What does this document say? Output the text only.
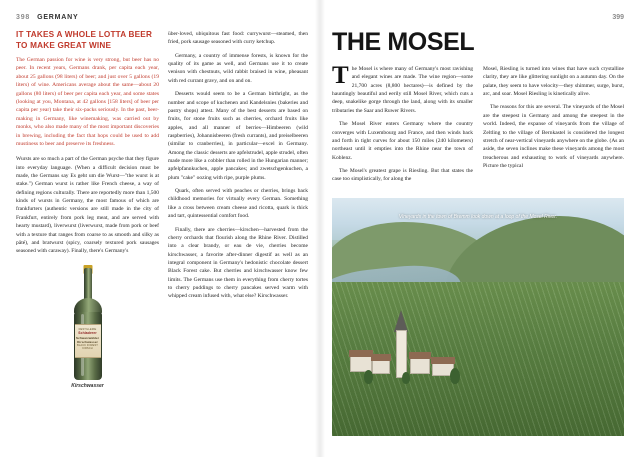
398 GERMANY
IT TAKES A WHOLE LOTTA BEER TO MAKE GREAT WINE
The German passion for wine is very strong, but beer has no peer. In recent years, Germans drank, per capita each year, about 25 gallons (98 liters) of beer; and just over 5 gallons (19 liters) of wine. Americans average about the same—about 20 gallons (80 liters) of beer per capita each year, and some states (looking at you, Montana, at 42 gallons [158 liters] of beer per capita per year) take their six-packs seriously. In the past, beer-making in Germany, like winemaking, was carried out by monks, who also made many of the most important discoveries in brewing, including the fact that hops could be used to add mustiness to beer and preserve its freshness.

Wursts are so much a part of the German psyche that they figure into everyday language. (When a difficult decision must be made, the Germans say Es geht um die Wurst—"the wurst is at stake.") German wurst is rather like French cheese, a way of defining regions culturally. There are reportedly more than 1,500 kinds of wursts in Germany, the most famous of which are frankfurters (authentic versions are still made in the city of Frankfurt, entirely from pork leg meat, and are served with hearty mustard), liverwurst (liverwurst, made from pork or beef with a texture that ranges from coarse to as smooth and silky as pâté), and bratwurst (spicy, coarsely textured pork sausages seasoned with caraway). Finally, there's Germany's

DESTILLERIE
Schladerer
Schwarzwälder
Kirschwasser
BLACK FOREST KIRSCH
Kirschwasser

über-loved, ubiquitous fast food: currywurst—steamed, then fried, pork sausage seasoned with curry ketchup.

Germany, a country of immense forests, is known for the quality of its game as well, and Germans use it to create venison with chestnuts, wild rabbit braised in wine, pheasant with red currant gravy, and on and on.

Desserts would seem to be a German birthright, as the number and scope of kuchenen and Kandelsnies (bakeries and pastry shops) attest. Many of the best desserts are based on fruits, for stone fruits such as cherries, orchard fruits like apples, and all manner of berries—Himbeeren (wild raspberries), Johannisbeeren (fresh currants), and preiselbeeren (similar to cranberries), in particular—excel in Germany. Among the classic desserts are apfelstrudel, apple strudel, often made more like a cobbler than rolled in the Hungarian manner; apfelpfannkuchen, apple pancakes; and zwetschgenkuchen, a plum "cake" oozing with ripe, purple plums.

Quark, often served with peaches or cherries, brings back childhood memories for virtually every German. Something like a cross between cream cheese and ricotta, quark is thick and tart, quintessential comfort food.

Finally, there are cherries—kirschen—harvested from the cherry orchards that flourish along the Rhine River. Distilled into a clear brandy, or eau de vie, cherries become kirschwasser, a favorite after-dinner digestif as well as an integral component in Germany's hedonistic chocolate dessert Black Forest cake. But cherries and kirschwasser know few limits. The Germans use them in everything from cherry tortes to cherry puddings to cherry pancakes served warm with whipped cream infused with, what else? Kirschwasser.

399
THE MOSEL

The Mosel is where many of Germany's most ravishing and elegant wines are made. The wine region—some 21,700 acres (8,800 hectares)—is defined by the hauntingly beautiful and eerily still Mosel River, which cuts a deep, snakelike gorge through the land, along with its smaller tributaries the Saar and Ruwer Rivers.

The Mosel River enters Germany where the country converges with Luxembourg and France, and then winds back and forth in tight curves for about 150 miles (240 kilometers) northeast until it empties into the Rhine near the town of Koblenz.

The Mosel's greatest grape is Riesling. But that states the case too simplistically, for along the

Mosel, Riesling is turned into wines that have such crystalline clarity, they are like glittering sunlight on a autumn day. On the palate, they seem to have velocity—they shimmer, surge, burst, arc, and soar. Mosel Riesling is kinetically alive.

The reasons for this are several. The vineyards of the Mosel are the steepest in Germany and among the steepest in the world. Indeed, the expanse of vineyards from the village of Zeltling to the village of Bernkastel is considered the longest stretch of near-vertical vineyards anywhere on the globe. (As an aside, the seven inclines make these vineyards among the most treacherous and exhausting to work of vineyards anywhere. Picture the typical

Vineyards in the town of Bremm look down at a loop of the Mosel River.
